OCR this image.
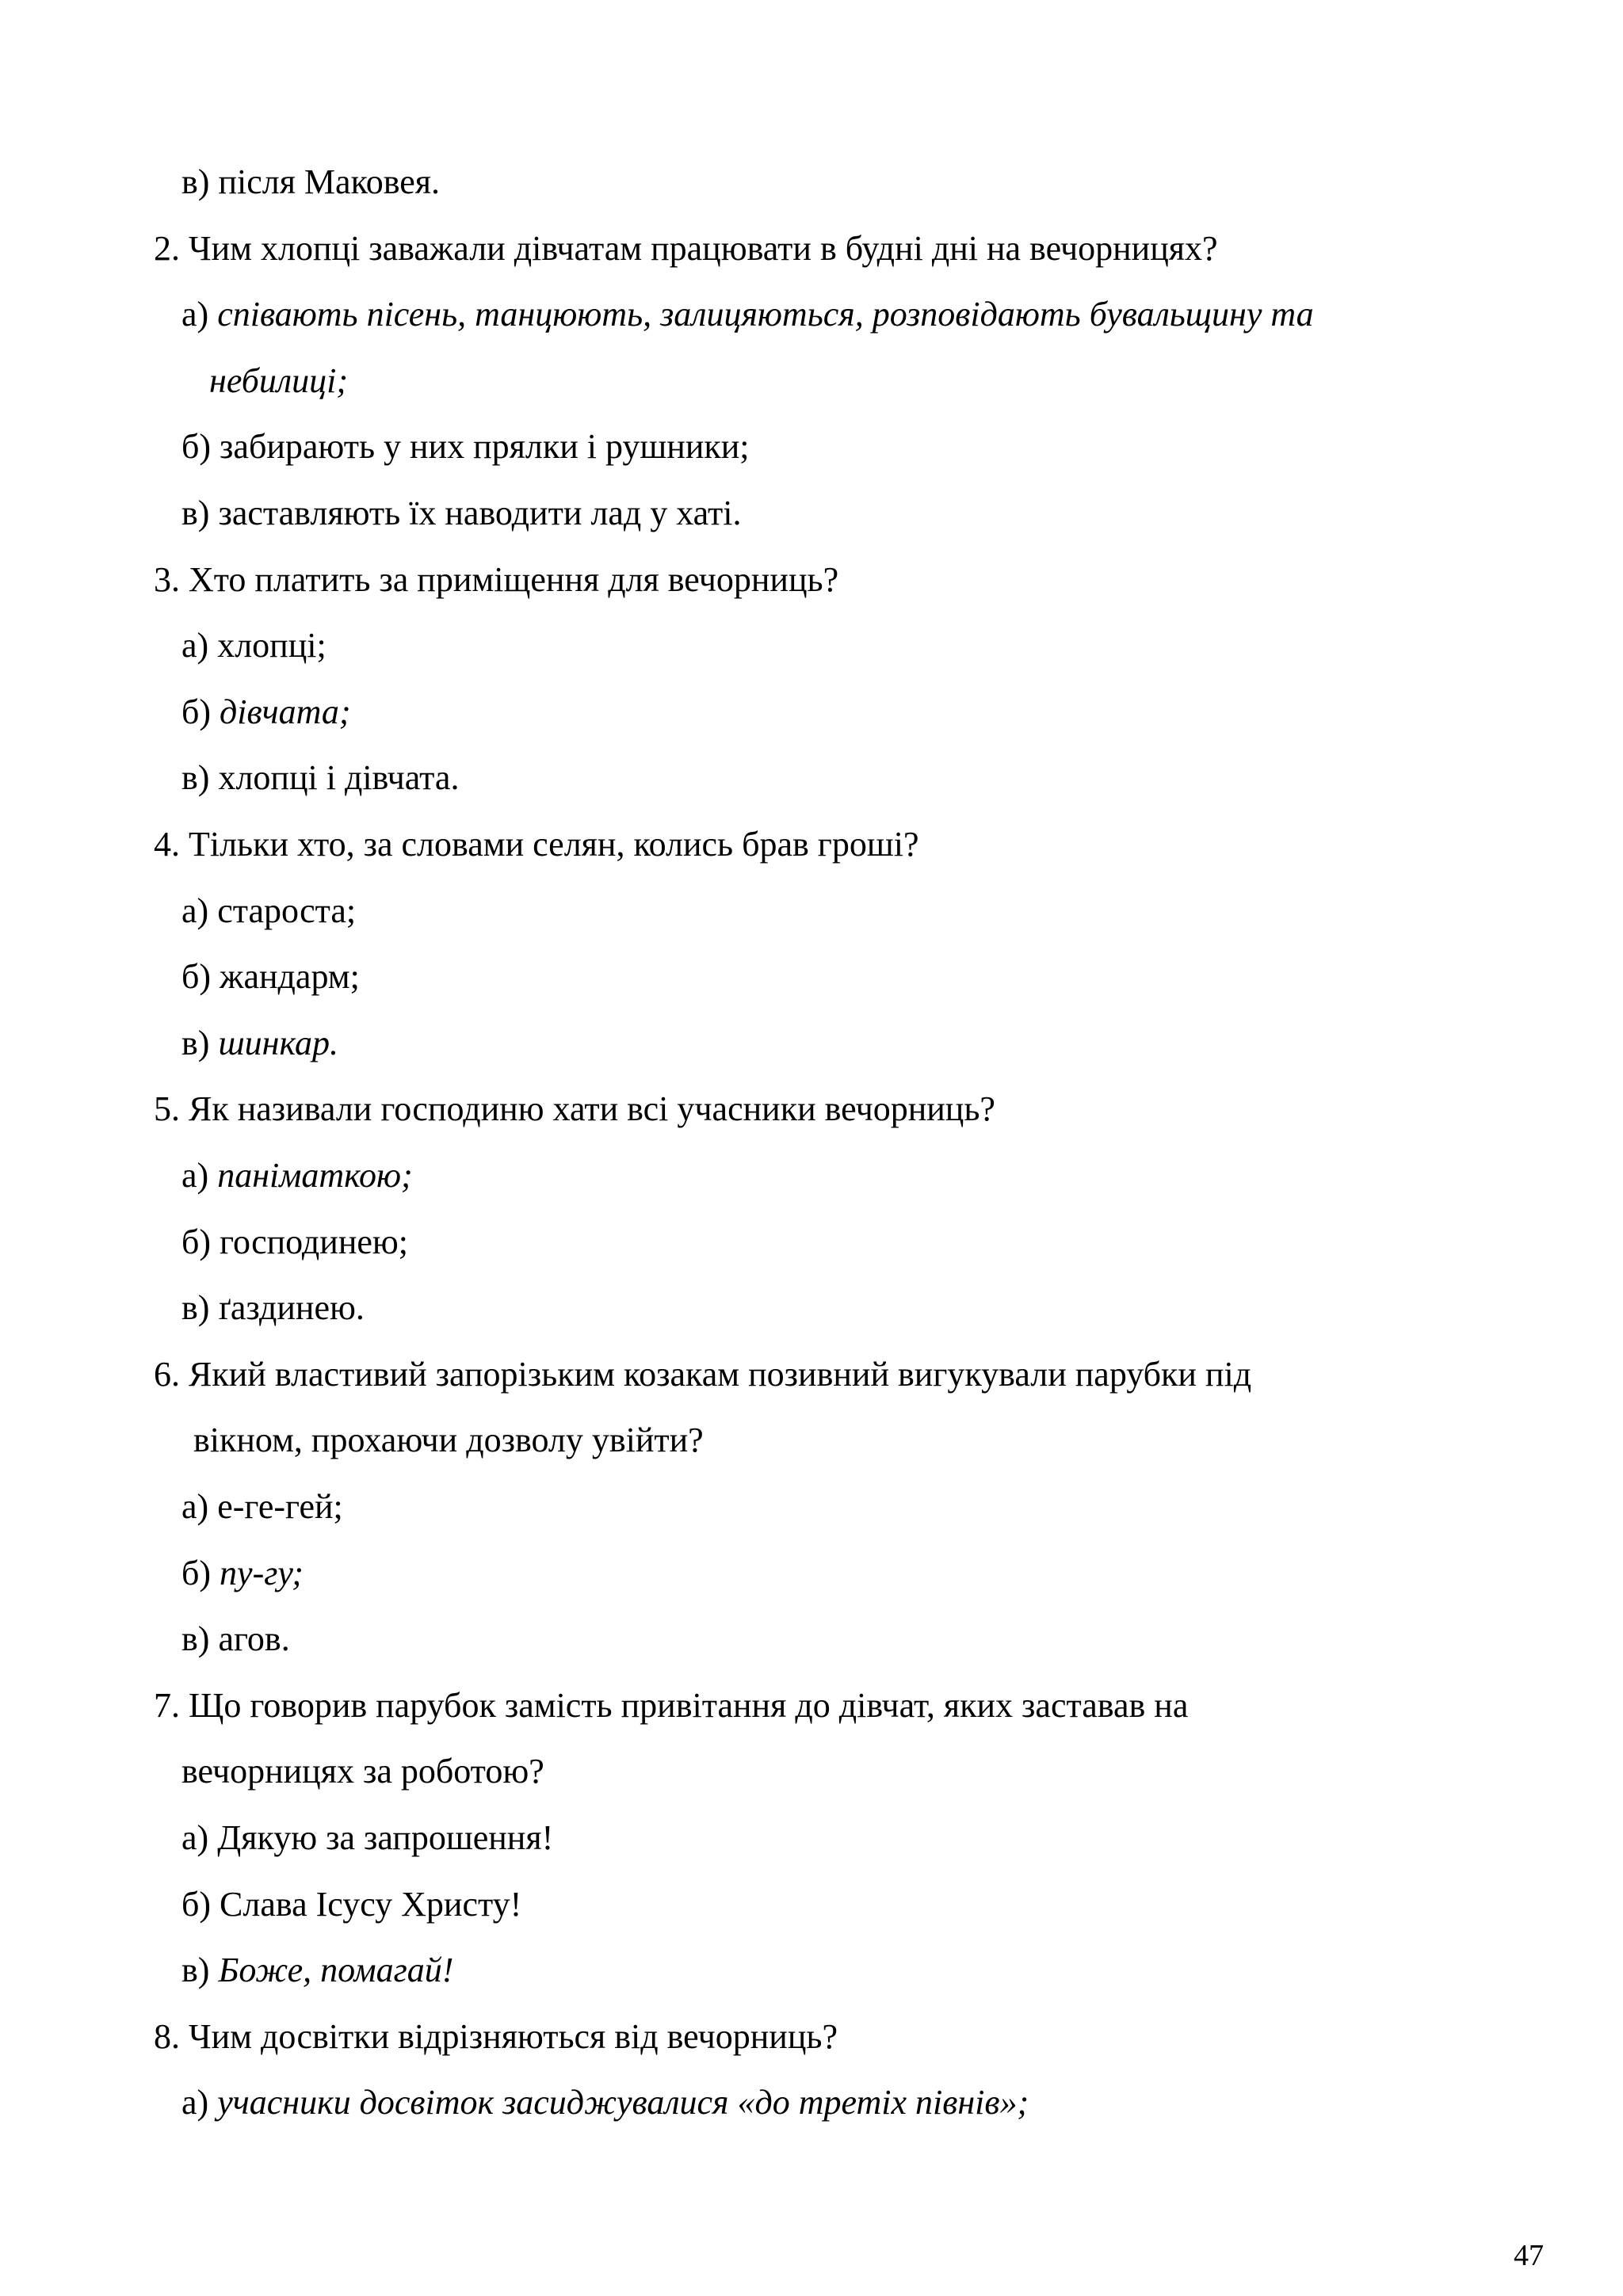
в) після Маковея.
2. Чим хлопці заважали дівчатам працювати в будні дні на вечорницях?
а) співають пісень, танцюють, залицяються, розповідають бувальщину та
небилиці;
б) забирають у них прялки і рушники;
в) заставляють їх наводити лад у хаті.
3. Хто платить за приміщення для вечорниць?
а) хлопці;
б) дівчата;
в) хлопці і дівчата.
4. Тільки хто, за словами селян, колись брав гроші?
а) староста;
б) жандарм;
в) шинкар.
5. Як називали господиню хати всі учасники вечорниць?
а) паніматкою;
б) господинею;
в) ґаздинею.
6. Який властивий запорізьким козакам позивний вигукували парубки під
вікном, прохаючи дозволу увійти?
а) е-ге-гей;
б) пу-гу;
в) агов.
7. Що говорив парубок замість привітання до дівчат, яких заставав на
вечорницях за роботою?
а) Дякую за запрошення!
б) Слава Ісусу Христу!
в) Боже, помагай!
8. Чим досвітки відрізняються від вечорниць?
а) учасники досвіток засиджувалися «до третіх півнів»;
47
